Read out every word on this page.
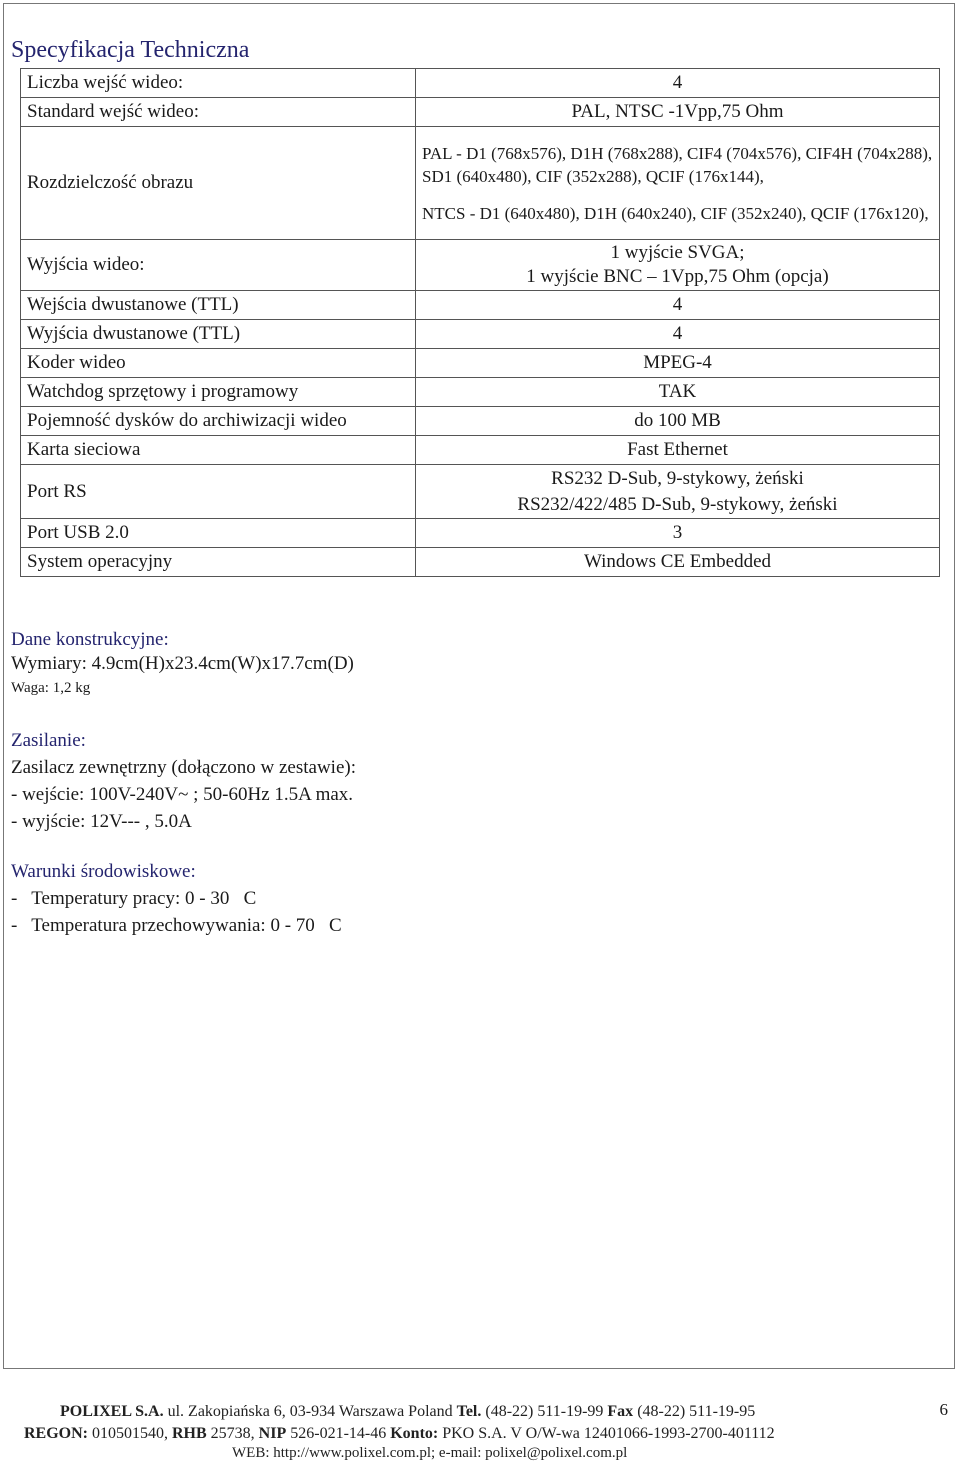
Specyfikacja Techniczna
Liczba wejść wideo:	4
Standard wejść wideo:	PAL, NTSC -1Vpp,75 Ohm
Rozdzielczość obrazu	PAL - D1 (768x576), D1H (768x288), CIF4 (704x576), CIF4H (704x288), SD1 (640x480), CIF (352x288), QCIF (176x144),
NTCS - D1 (640x480), D1H (640x240), CIF (352x240), QCIF (176x120),

Wyjścia wideo:	1 wyjście SVGA;
1 wyjście BNC – 1Vpp,75 Ohm (opcja)

Wejścia dwustanowe (TTL)	4
Wyjścia dwustanowe (TTL)	4
Koder wideo	MPEG-4
Watchdog sprzętowy i programowy	TAK
Pojemność dysków do archiwizacji wideo	do 100 MB
Karta sieciowa	Fast Ethernet
Port RS	RS232 D-Sub, 9-stykowy, żeński
RS232/422/485 D-Sub, 9-stykowy, żeński

Port USB 2.0	3
System operacyjny	Windows CE Embedded
Dane konstrukcyjne:
Wymiary: 4.9cm(H)x23.4cm(W)x17.7cm(D)
Waga: 1,2 kg
Zasilanie:
Zasilacz zewnętrzny (dołączono w zestawie):
- wejście: 100V-240V~ ; 50-60Hz 1.5A max.
- wyjście: 12V--- , 5.0A
Warunki środowiskowe:
-   Temperatury pracy: 0 - 30   C
-   Temperatura przechowywania: 0 - 70   C
POLIXEL S.A. ul. Zakopiańska 6, 03-934 Warszawa Poland Tel. (48-22) 511-19-99 Fax (48-22) 511-19-95	6
REGON: 010501540, RHB 25738, NIP 526-021-14-46 Konto: PKO S.A. V O/W-wa 12401066-1993-2700-401112
WEB: http://www.polixel.com.pl; e-mail: polixel@polixel.com.pl
